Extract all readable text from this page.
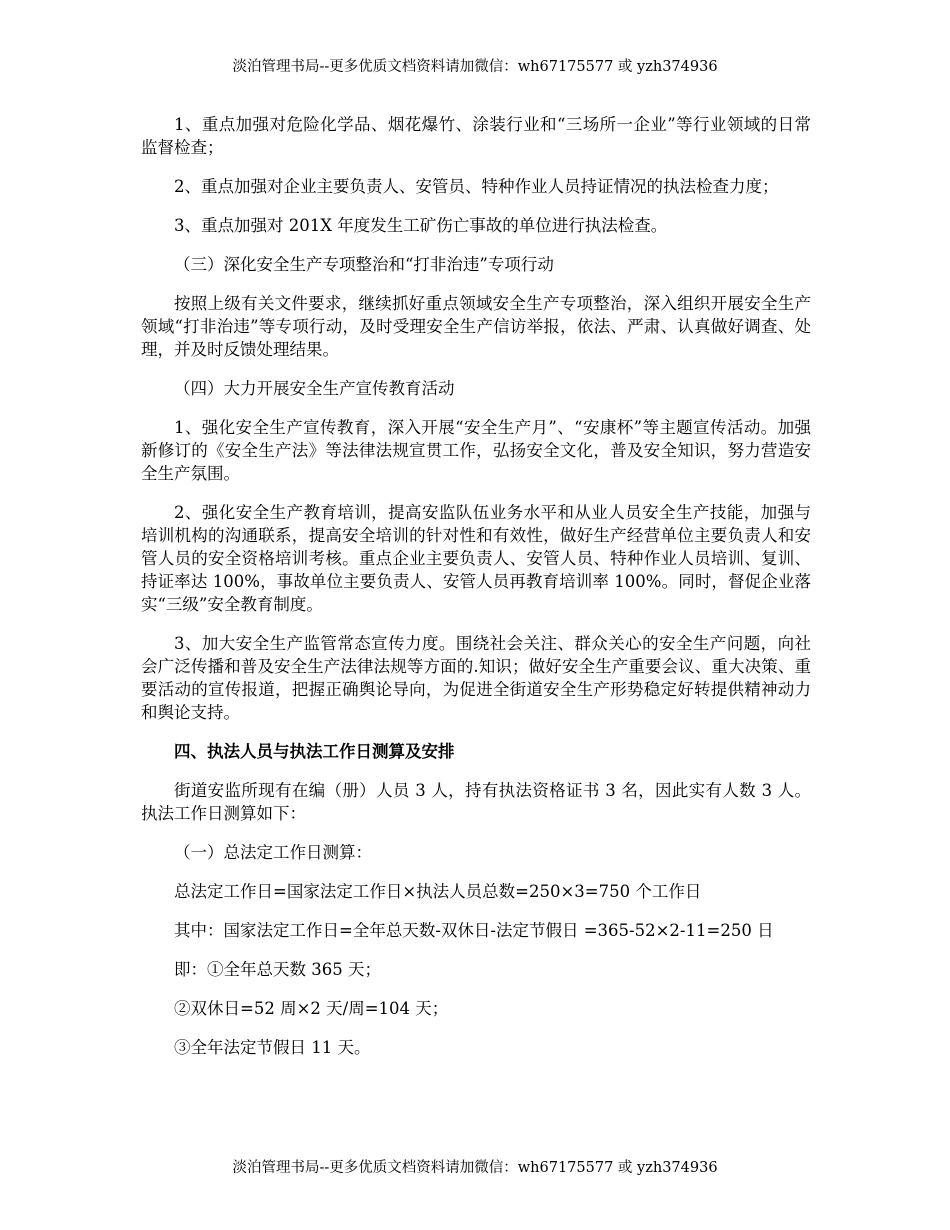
淡泊管理书局--更多优质文档资料请加微信：wh67175577 或 yzh374936

1、重点加强对危险化学品、烟花爆竹、涂装行业和“三场所一企业”等行业领域的日常监督检查；

2、重点加强对企业主要负责人、安管员、特种作业人员持证情况的执法检查力度；

3、重点加强对 201X 年度发生工矿伤亡事故的单位进行执法检查。

（三）深化安全生产专项整治和“打非治违”专项行动

按照上级有关文件要求，继续抓好重点领域安全生产专项整治，深入组织开展安全生产领域“打非治违”等专项行动，及时受理安全生产信访举报，依法、严肃、认真做好调查、处理，并及时反馈处理结果。

（四）大力开展安全生产宣传教育活动

1、强化安全生产宣传教育，深入开展“安全生产月”、“安康杯”等主题宣传活动。加强新修订的《安全生产法》等法律法规宣贯工作，弘扬安全文化，普及安全知识，努力营造安全生产氛围。

2、强化安全生产教育培训，提高安监队伍业务水平和从业人员安全生产技能，加强与培训机构的沟通联系，提高安全培训的针对性和有效性，做好生产经营单位主要负责人和安管人员的安全资格培训考核。重点企业主要负责人、安管人员、特种作业人员培训、复训、持证率达 100%，事故单位主要负责人、安管人员再教育培训率 100%。同时，督促企业落实“三级”安全教育制度。

3、加大安全生产监管常态宣传力度。围绕社会关注、群众关心的安全生产问题，向社会广泛传播和普及安全生产法律法规等方面的.知识；做好安全生产重要会议、重大决策、重要活动的宣传报道，把握正确舆论导向，为促进全街道安全生产形势稳定好转提供精神动力和舆论支持。

四、执法人员与执法工作日测算及安排

街道安监所现有在编（册）人员 3 人，持有执法资格证书 3 名，因此实有人数 3 人。执法工作日测算如下：

（一）总法定工作日测算：

总法定工作日=国家法定工作日×执法人员总数=250×3=750 个工作日

其中：国家法定工作日=全年总天数-双休日-法定节假日 =365-52×2-11=250 日

即：①全年总天数 365 天；

②双休日=52 周×2 天/周=104 天；

③全年法定节假日 11 天。

淡泊管理书局--更多优质文档资料请加微信：wh67175577 或 yzh374936
